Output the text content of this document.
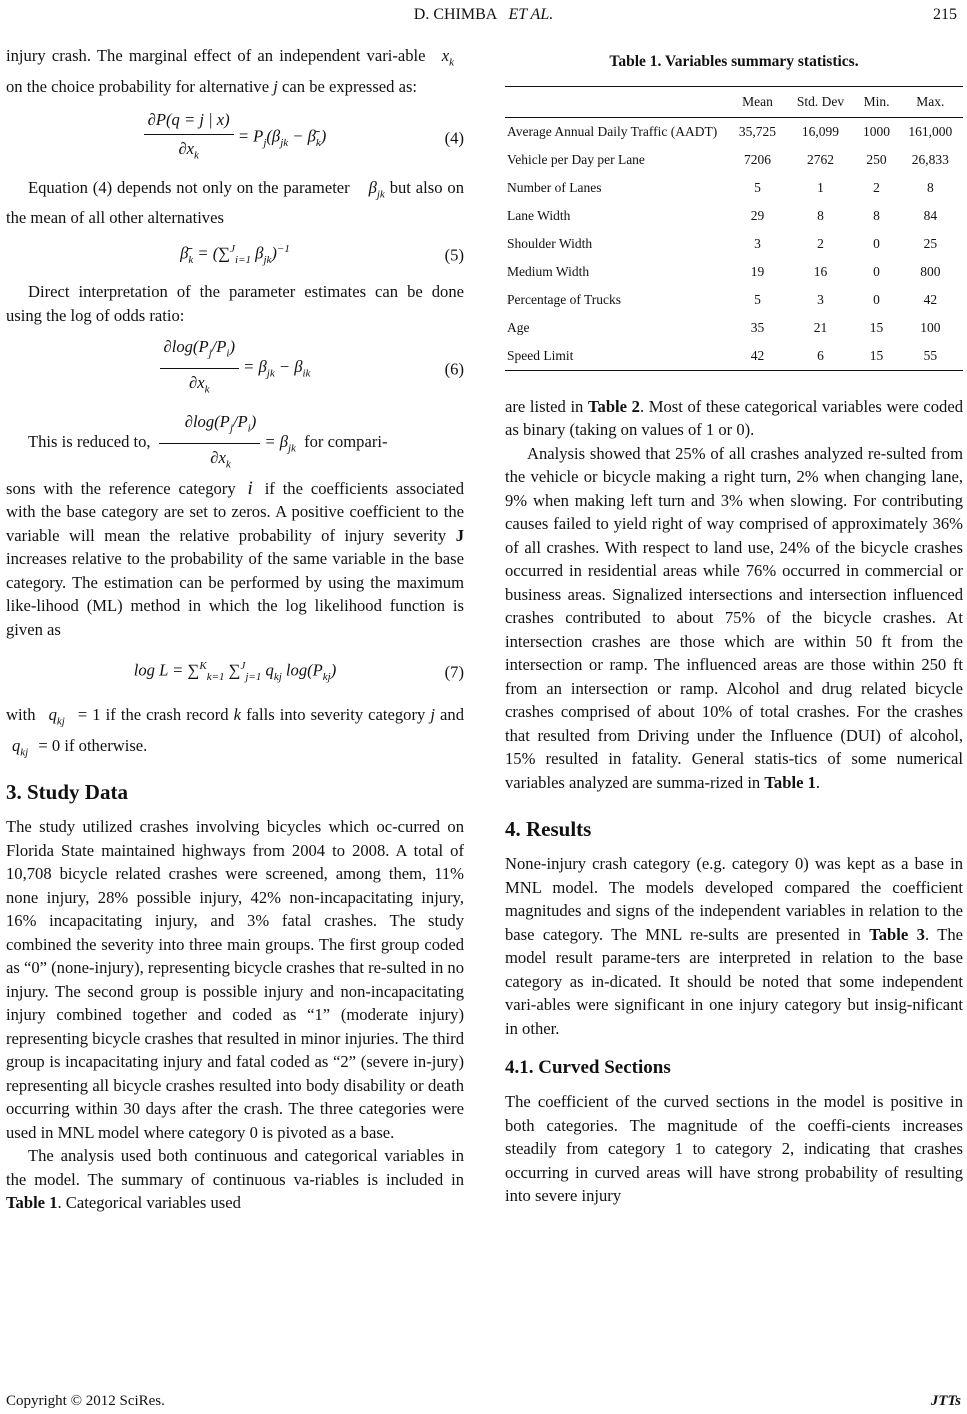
D. CHIMBA ET AL.	215

injury crash. The marginal effect of an independent vari-able $x_k$ on the choice probability for alternative j can be expressed as:

$\frac{\partial P(q = j | x)}{\partial x_k} = P_j(\beta_{jk}$ − $\betā_k$)	(4)

Equation (4) depends not only on the parameter $\beta_{jk}$ but also on the mean of all other alternatives

$\betā_k = (\sum^J_{i=1}$ $\beta_{jk})^{-1}$	(5)

Direct interpretation of the parameter estimates can be done using the log of odds ratio:

$\frac{\partial\log(P_j/P_i)}{\partial x_k} = \beta_{jk} - \beta_{ik}$	(6)

This is reduced to, $\frac{\partial\log(P_j/P_i)}{\partial x_k} = \beta_{jk}$ for compari-

sons with the reference category i if the coefficients associated with the base category are set to zeros. A positive coefficient to the variable will mean the relative probability of injury severity J increases relative to the probability of the same variable in the base category. The estimation can be performed by using the maximum like-lihood (ML) method in which the log likelihood function is given as

log L = ∑$^K_{k=1}$ ∑$^J_{j=1}$ $q_{kj}$ $\log(P_{kj})$	(7)

with $q_{kj} = 1$ if the crash record k falls into severity category j and $q_{kj} = 0$ if otherwise.

3. Study Data

The study utilized crashes involving bicycles which oc-curred on Florida State maintained highways from 2004 to 2008. A total of 10,708 bicycle related crashes were screened, among them, 11% none injury, 28% possible injury, 42% non-incapacitating injury, 16% incapacitating injury, and 3% fatal crashes. The study combined the severity into three main groups. The first group coded as “0” (none-injury), representing bicycle crashes that re-sulted in no injury. The second group is possible injury and non-incapacitating injury combined together and coded as “1” (moderate injury) representing bicycle crashes that resulted in minor injuries. The third group is incapacitating injury and fatal coded as “2” (severe in-jury) representing all bicycle crashes resulted into body disability or death occurring within 30 days after the crash. The three categories were used in MNL model where category 0 is pivoted as a base.

The analysis used both continuous and categorical variables in the model. The summary of continuous va-riables is included in Table 1. Categorical variables used

Table 1. Variables summary statistics.
	Mean	Std. Dev	Min.	Max.
Average Annual Daily Traffic (AADT)	35,725	16,099	1000	161,000
Vehicle per Day per Lane	7206	2762	250	26,833
Number of Lanes	5	1	2	8
Lane Width	29	8	8	84
Shoulder Width	3	2	0	25
Medium Width	19	16	0	800
Percentage of Trucks	5	3	0	42
Age	35	21	15	100
Speed Limit	42	6	15	55

are listed in Table 2. Most of these categorical variables were coded as binary (taking on values of 1 or 0).

Analysis showed that 25% of all crashes analyzed re-sulted from the vehicle or bicycle making a right turn, 2% when changing lane, 9% when making left turn and 3% when slowing. For contributing causes failed to yield right of way comprised of approximately 36% of all crashes. With respect to land use, 24% of the bicycle crashes occurred in residential areas while 76% occurred in commercial or business areas. Signalized intersections and intersection influenced crashes contributed to about 75% of the bicycle crashes. At intersection crashes are those which are within 50 ft from the intersection or ramp. The influenced areas are those within 250 ft from an intersection or ramp. Alcohol and drug related bicycle crashes comprised of about 10% of total crashes. For the crashes that resulted from Driving under the Influence (DUI) of alcohol, 15% resulted in fatality. General statis-tics of some numerical variables analyzed are summa-rized in Table 1.

4. Results

None-injury crash category (e.g. category 0) was kept as a base in MNL model. The models developed compared the coefficient magnitudes and signs of the independent variables in relation to the base category. The MNL re-sults are presented in Table 3. The model result parame-ters are interpreted in relation to the base category as in-dicated. It should be noted that some independent vari-ables were significant in one injury category but insig-nificant in other.

4.1. Curved Sections

The coefficient of the curved sections in the model is positive in both categories. The magnitude of the coeffi-cients increases steadily from category 1 to category 2, indicating that crashes occurring in curved areas will have strong probability of resulting into severe injury

Copyright © 2012 SciRes.	JTTs
